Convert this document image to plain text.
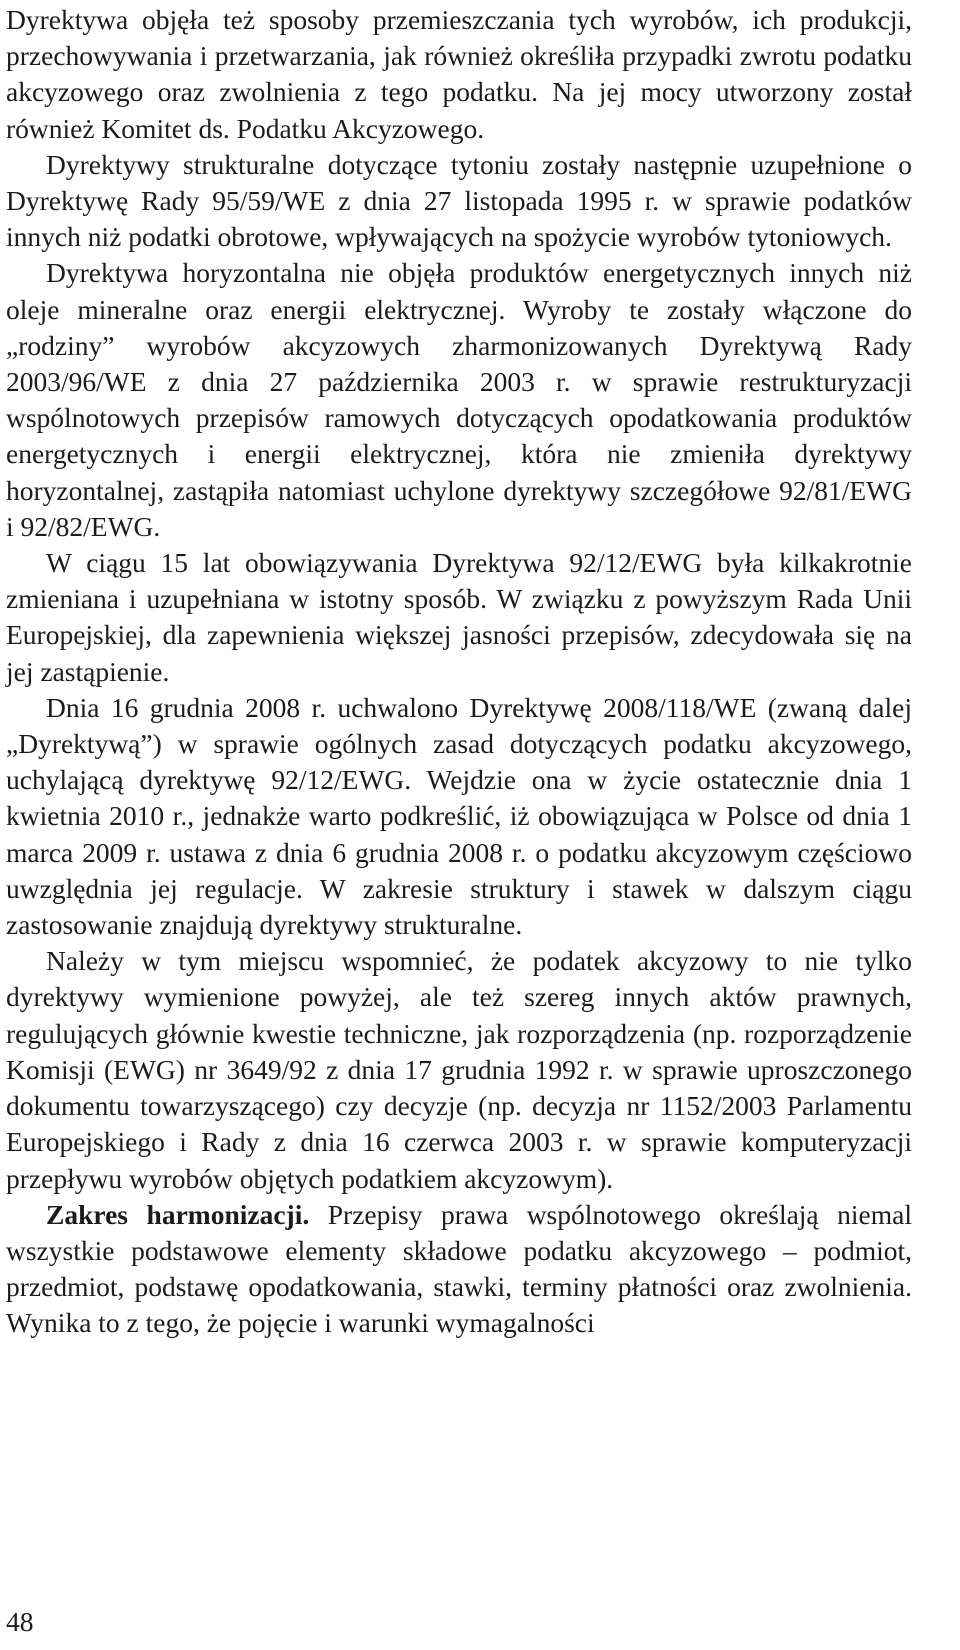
Dyrektywa objęła też sposoby przemieszczania tych wyrobów, ich produkcji, przechowywania i przetwarzania, jak również określiła przypadki zwrotu podatku akcyzowego oraz zwolnienia z tego podatku. Na jej mocy utworzony został również Komitet ds. Podatku Akcyzowego.

Dyrektywy strukturalne dotyczące tytoniu zostały następnie uzupełnione o Dyrektywę Rady 95/59/WE z dnia 27 listopada 1995 r. w sprawie podatków innych niż podatki obrotowe, wpływających na spożycie wyrobów tytoniowych.

Dyrektywa horyzontalna nie objęła produktów energetycznych innych niż oleje mineralne oraz energii elektrycznej. Wyroby te zostały włączone do „rodziny” wyrobów akcyzowych zharmonizowanych Dyrektywą Rady 2003/96/WE z dnia 27 października 2003 r. w sprawie restrukturyzacji wspólnotowych przepisów ramowych dotyczących opodatkowania produktów energetycznych i energii elektrycznej, która nie zmieniła dyrektywy horyzontalnej, zastąpiła natomiast uchylone dyrektywy szczegółowe 92/81/EWG i 92/82/EWG.

W ciągu 15 lat obowiązywania Dyrektywa 92/12/EWG była kilkakrotnie zmieniana i uzupełniana w istotny sposób. W związku z powyższym Rada Unii Europejskiej, dla zapewnienia większej jasności przepisów, zdecydowała się na jej zastąpienie.

Dnia 16 grudnia 2008 r. uchwalono Dyrektywę 2008/118/WE (zwaną dalej „Dyrektywą”) w sprawie ogólnych zasad dotyczących podatku akcyzowego, uchylającą dyrektywę 92/12/EWG. Wejdzie ona w życie ostatecznie dnia 1 kwietnia 2010 r., jednakże warto podkreślić, iż obowiązująca w Polsce od dnia 1 marca 2009 r. ustawa z dnia 6 grudnia 2008 r. o podatku akcyzowym częściowo uwzględnia jej regulacje. W zakresie struktury i stawek w dalszym ciągu zastosowanie znajdują dyrektywy strukturalne.

Należy w tym miejscu wspomnieć, że podatek akcyzowy to nie tylko dyrektywy wymienione powyżej, ale też szereg innych aktów prawnych, regulujących głównie kwestie techniczne, jak rozporządzenia (np. rozporządzenie Komisji (EWG) nr 3649/92 z dnia 17 grudnia 1992 r. w sprawie uproszczonego dokumentu towarzyszącego) czy decyzje (np. decyzja nr 1152/2003 Parlamentu Europejskiego i Rady z dnia 16 czerwca 2003 r. w sprawie komputeryzacji przepływu wyrobów objętych podatkiem akcyzowym).

Zakres harmonizacji. Przepisy prawa wspólnotowego określają niemal wszystkie podstawowe elementy składowe podatku akcyzowego – podmiot, przedmiot, podstawę opodatkowania, stawki, terminy płatności oraz zwolnienia. Wynika to z tego, że pojęcie i warunki wymagalności

48
